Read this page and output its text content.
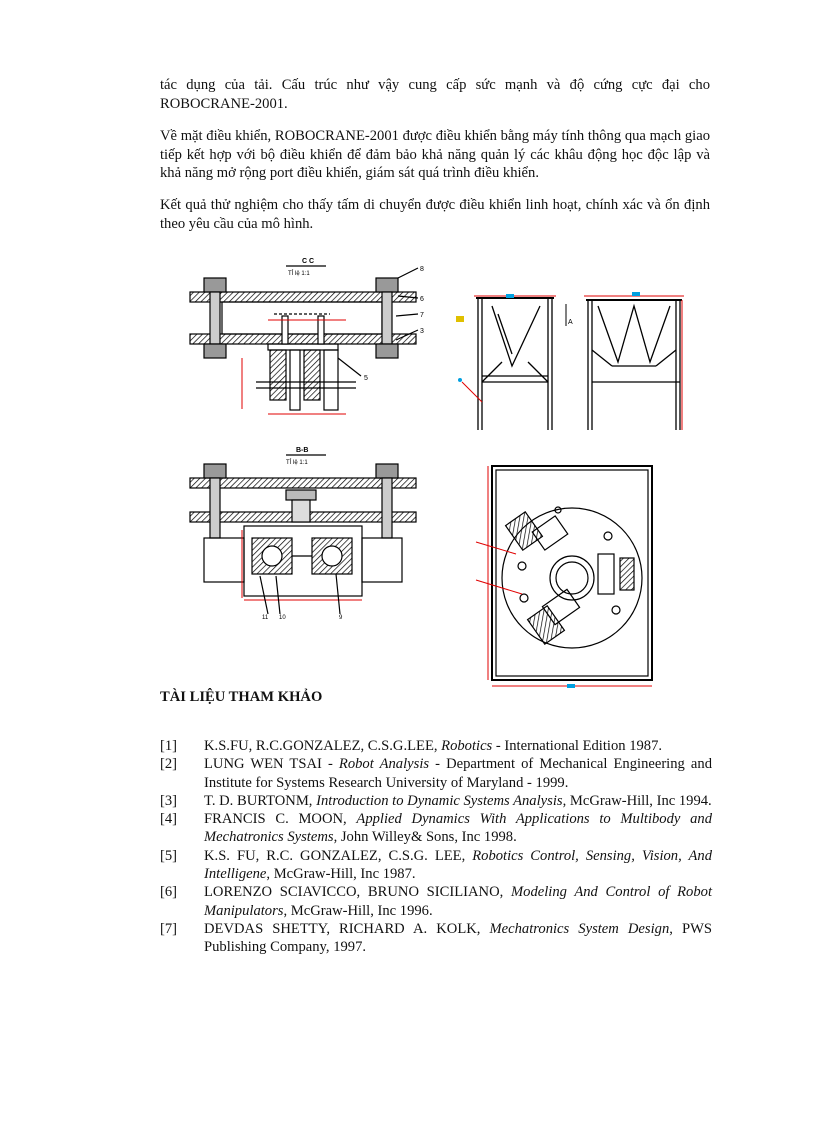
tác dụng của tải. Cấu trúc như vậy cung cấp sức mạnh và độ cứng cực đại cho ROBOCRANE-2001.

Về mặt điều khiển, ROBOCRANE-2001 được điều khiển bằng máy tính thông qua mạch giao tiếp kết hợp với bộ điều khiển để đảm bảo khả năng quản lý các khâu động học độc lập và khả năng mở rộng port điều khiển, giám sát quá trình điều khiển.

Kết quả thử nghiệm cho thấy tấm di chuyển được điều khiển linh hoạt, chính xác và ổn định theo yêu cầu của mô hình.

C C
TỈ lệ 1:1
8
6
7
3
5
A
B-B
TỈ lệ 1:1
11 10	9
TÀI LIỆU THAM KHẢO
[1] K.S.FU, R.C.GONZALEZ, C.S.G.LEE, Robotics - International Edition 1987.
[2] LUNG WEN TSAI - Robot Analysis - Department of Mechanical Engineering and Institute for Systems Research University of Maryland - 1999.
[3] T. D. BURTONM, Introduction to Dynamic Systems Analysis, McGraw-Hill, Inc 1994.
[4] FRANCIS C. MOON, Applied Dynamics With Applications to Multibody and Mechatronics Systems, John Willey& Sons, Inc 1998.
[5] K.S. FU, R.C. GONZALEZ, C.S.G. LEE, Robotics Control, Sensing, Vision, And Intelligene, McGraw-Hill, Inc 1987.
[6] LORENZO SCIAVICCO, BRUNO SICILIANO, Modeling And Control of Robot Manipulators, McGraw-Hill, Inc 1996.
[7] DEVDAS SHETTY, RICHARD A. KOLK, Mechatronics System Design, PWS Publishing Company, 1997.
